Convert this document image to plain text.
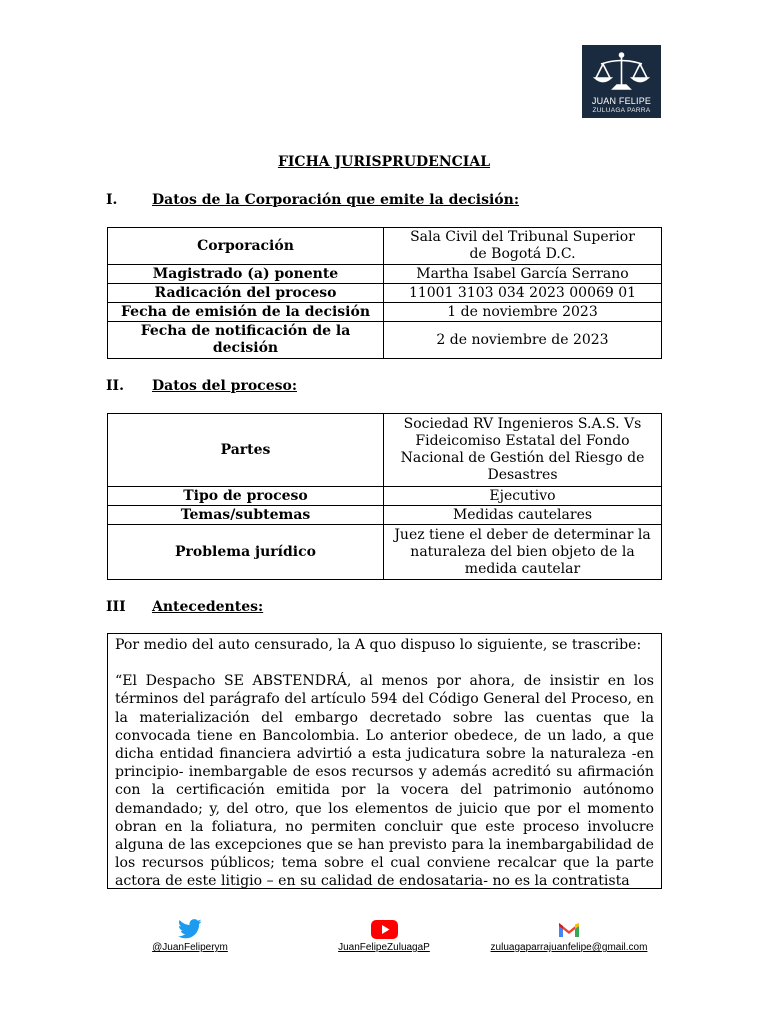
JUAN FELIPE
ZULUAGA PARRA
FICHA JURISPRUDENCIAL
I. Datos de la Corporación que emite la decisión:
Corporación	Sala Civil del Tribunal Superior de Bogotá D.C.
Magistrado (a) ponente	Martha Isabel García Serrano
Radicación del proceso	11001 3103 034 2023 00069 01
Fecha de emisión de la decisión	1 de noviembre 2023
Fecha de notificación de la decisión	2 de noviembre de 2023
II. Datos del proceso:
Partes	Sociedad RV Ingenieros S.A.S. Vs Fideicomiso Estatal del Fondo Nacional de Gestión del Riesgo de Desastres
Tipo de proceso	Ejecutivo
Temas/subtemas	Medidas cautelares
Problema jurídico	Juez tiene el deber de determinar la naturaleza del bien objeto de la medida cautelar
III Antecedentes:

Por medio del auto censurado, la A quo dispuso lo siguiente, se trascribe:

“El Despacho SE ABSTENDRÁ, al menos por ahora, de insistir en los términos del parágrafo del artículo 594 del Código General del Proceso, en la materialización del embargo decretado sobre las cuentas que la convocada tiene en Bancolombia. Lo anterior obedece, de un lado, a que dicha entidad financiera advirtió a esta judicatura sobre la naturaleza -en principio- inembargable de esos recursos y además acreditó su afirmación con la certificación emitida por la vocera del patrimonio autónomo demandado; y, del otro, que los elementos de juicio que por el momento obran en la foliatura, no permiten concluir que este proceso involucre alguna de las excepciones que se han previsto para la inembargabilidad de los recursos públicos; tema sobre el cual conviene recalcar que la parte actora de este litigio – en su calidad de endosataria- no es la contratista

@JuanFeliperym	JuanFelipeZuluagaP	zuluagaparrajuanfelipe@gmail.com
